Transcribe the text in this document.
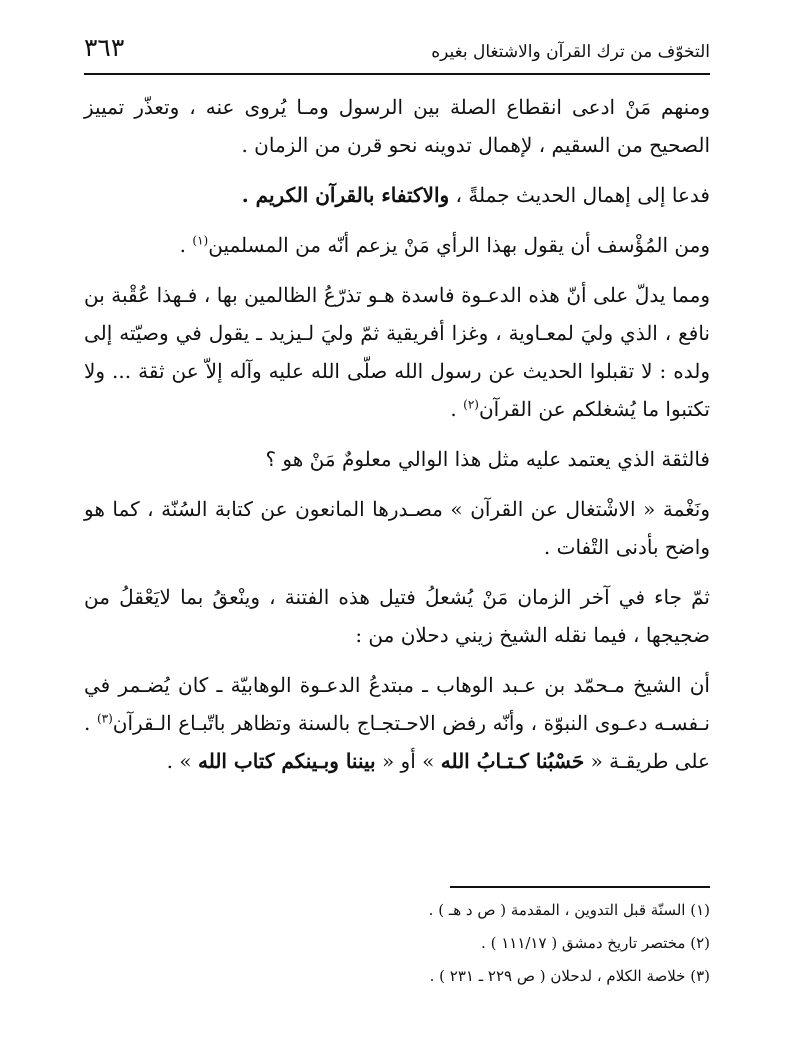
التخوّف من ترك القرآن والاشتغال بغيره
٣٦٣

ومنهم مَنْ ادعى انقطاع الصلة بين الرسول ومـا يُروى عنه ، وتعذّر تمييز الصحيح من السقيم ، لإهمال تدوينه نحو قرن من الزمان .

فدعا إلى إهمال الحديث جملةً ، والاكتفاء بالقرآن الكريم .

ومن المُؤْسف أن يقول بهذا الرأي مَنْ يزعم أنّه من المسلمين$^{(١)}$ .

ومما يدلّ على أنّ هذه الدعـوة فاسدة هـو تذرّعُ الظالمين بها ، فـهذا عُقْبة بن نافع ، الذي وليَ لمعـاوية ، وغزا أفريقية ثمّ وليَ لـيزيد ـ يقول في وصيّته إلى ولده : لا تقبلوا الحديث عن رسول الله صلّى الله عليه وآله إلاّ عن ثقة ... ولا تكتبوا ما يُشغلكم عن القرآن$^{(٢)}$ .

فالثقة الذي يعتمد عليه مثل هذا الوالي معلومٌ مَنْ هو ؟

ونَغْمة « الاشْتغال عن القرآن » مصـدرها المانعون عن كتابة السُنّة ، كما هو واضح بأدنى التْفات .

ثمّ جاء في آخر الزمان مَنْ يُشعلُ فتيل هذه الفتنة ، وينْعقُ بما لايَعْقلُ من ضجيجها ، فيما نقله الشيخ زيني دحلان من :

أن الشيخ مـحمّد بن عـبد الوهاب ـ مبتدعُ الدعـوة الوهابيّة ـ كان يُضـمر في نـفسـه دعـوى النبوّة ، وأنّه رفض الاحـتجـاج بالسنة وتظاهر باتّبـاع الـقرآن$^{(٣)}$ . على طريقـة « حَسْبُنا كـتـابُ الله » أو « بيننا وبـينكم كتاب الله » .

(١) السنّة قبل التدوين ، المقدمة ( ص د هـ ) .

(٢) مختصر تاريخ دمشق ( ١١١/١٧ ) .

(٣) خلاصة الكلام ، لدحلان ( ص ٢٢٩ ـ ٢٣١ ) .
